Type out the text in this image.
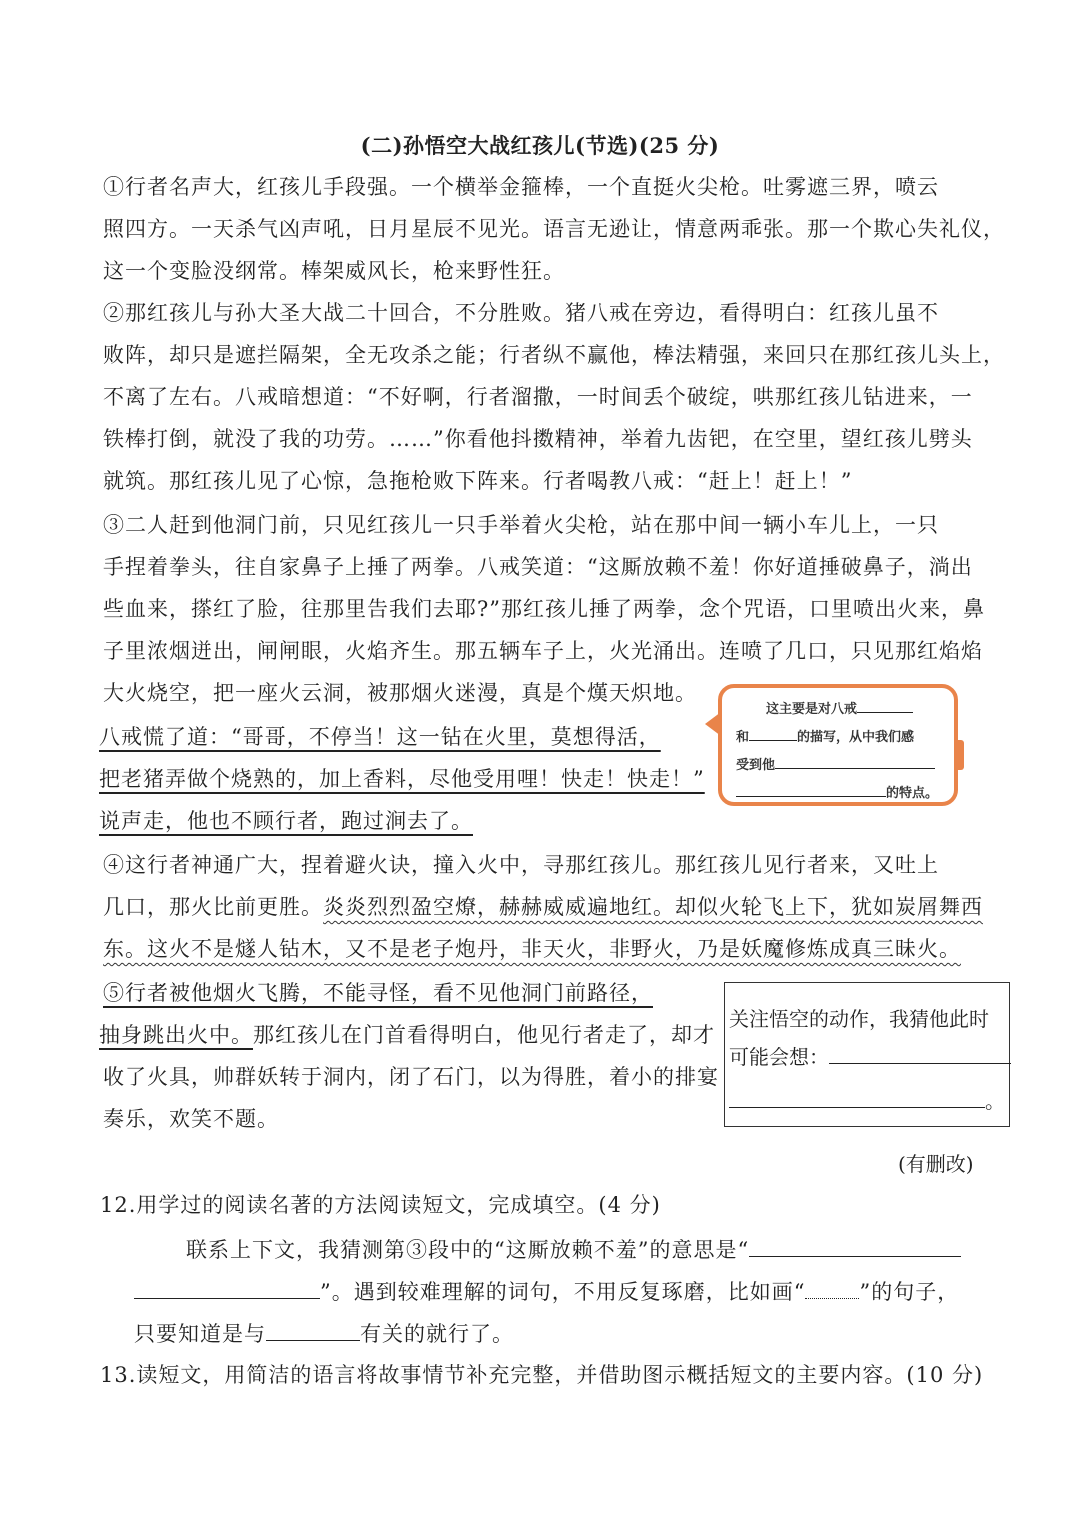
(二)孙悟空大战红孩儿(节选)(25 分)
①行者名声大，红孩儿手段强。一个横举金箍棒，一个直挺火尖枪。吐雾遮三界，喷云
照四方。一天杀气凶声吼，日月星辰不见光。语言无逊让，情意两乖张。那一个欺心失礼仪，
这一个变脸没纲常。棒架威风长，枪来野性狂。
②那红孩儿与孙大圣大战二十回合，不分胜败。猪八戒在旁边，看得明白：红孩儿虽不
败阵，却只是遮拦隔架，全无攻杀之能；行者纵不赢他，棒法精强，来回只在那红孩儿头上，
不离了左右。八戒暗想道：“不好啊，行者溜撒，一时间丢个破绽，哄那红孩儿钻进来，一
铁棒打倒，就没了我的功劳。……”你看他抖擞精神，举着九齿钯，在空里，望红孩儿劈头
就筑。那红孩儿见了心惊，急拖枪败下阵来。行者喝教八戒：“赶上！赶上！”
③二人赶到他洞门前，只见红孩儿一只手举着火尖枪，站在那中间一辆小车儿上，一只
手捏着拳头，往自家鼻子上捶了两拳。八戒笑道：“这厮放赖不羞！你好道捶破鼻子，淌出
些血来，搽红了脸，往那里告我们去耶?”那红孩儿捶了两拳，念个咒语，口里喷出火来，鼻
子里浓烟迸出，闸闸眼，火焰齐生。那五辆车子上，火光涌出。连喷了几口，只见那红焰焰
大火烧空，把一座火云洞，被那烟火迷漫，真是个熯天炽地。
八戒慌了道：“哥哥，不停当！这一钻在火里，莫想得活，
把老猪弄做个烧熟的，加上香料，尽他受用哩！快走！快走！”
说声走，他也不顾行者，跑过涧去了。
这主要是对八戒
和	的描写，从中我们感
受到他
的特点。
④这行者神通广大，捏着避火诀，撞入火中，寻那红孩儿。那红孩儿见行者来，又吐上
几口，那火比前更胜。炎炎烈烈盈空燎，赫赫威威遍地红。却似火轮飞上下，犹如炭屑舞西
东。这火不是燧人钻木，又不是老子炮丹，非天火，非野火，乃是妖魔修炼成真三昧火。
⑤行者被他烟火飞腾，不能寻怪，看不见他洞门前路径，
抽身跳出火中。那红孩儿在门首看得明白，他见行者走了，却才
收了火具，帅群妖转于洞内，闭了石门，以为得胜，着小的排宴
奏乐，欢笑不题。
关注悟空的动作，我猜他此时
可能会想：
。
(有删改)
12.用学过的阅读名著的方法阅读短文，完成填空。(4 分)
联系上下文，我猜测第③段中的“这厮放赖不羞”的意思是“
”。遇到较难理解的词句，不用反复琢磨，比如画“	”的句子，
只要知道是与	有关的就行了。
13.读短文，用简洁的语言将故事情节补充完整，并借助图示概括短文的主要内容。(10 分)
